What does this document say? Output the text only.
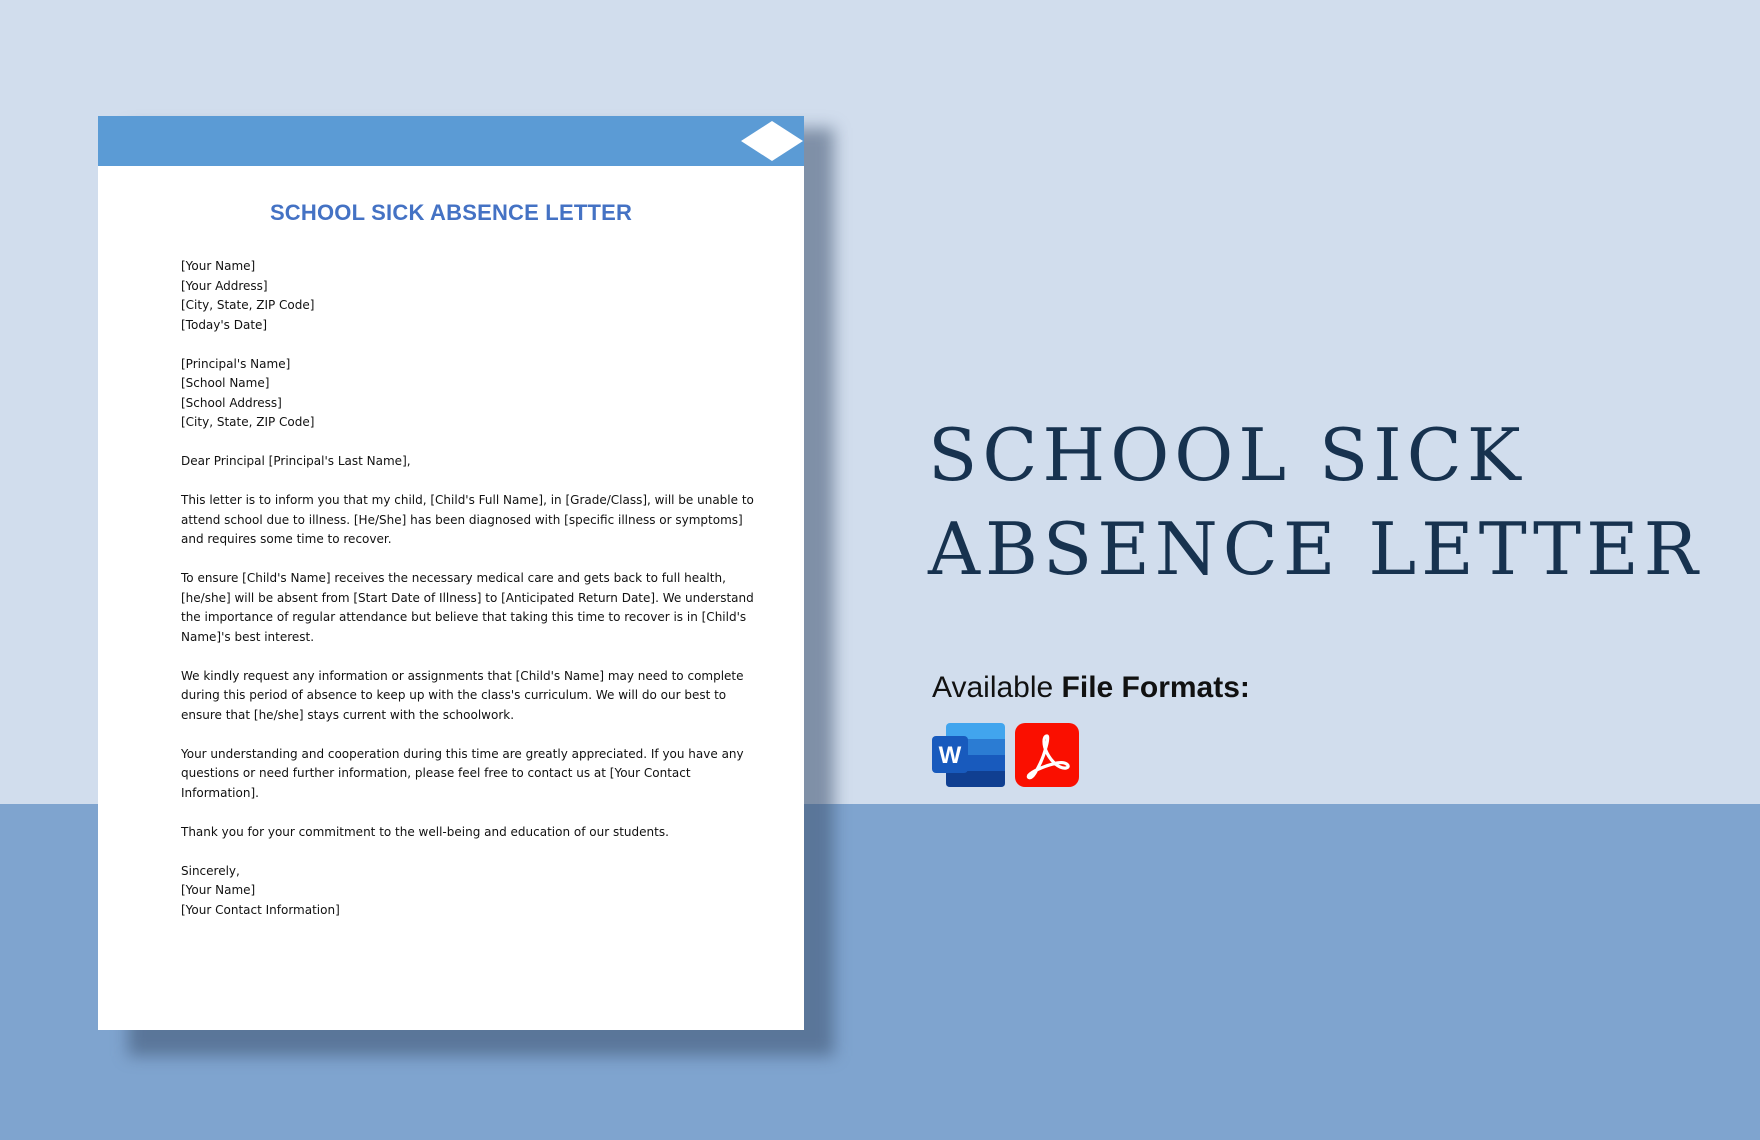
SCHOOL SICK ABSENCE LETTER
[Your Name]
[Your Address]
[City, State, ZIP Code]
[Today's Date]
[Principal's Name]
[School Name]
[School Address]
[City, State, ZIP Code]
Dear Principal [Principal's Last Name],
This letter is to inform you that my child, [Child's Full Name], in [Grade/Class], will be unable to
attend school due to illness. [He/She] has been diagnosed with [specific illness or symptoms]
and requires some time to recover.
To ensure [Child's Name] receives the necessary medical care and gets back to full health,
[he/she] will be absent from [Start Date of Illness] to [Anticipated Return Date]. We understand
the importance of regular attendance but believe that taking this time to recover is in [Child's
Name]'s best interest.
We kindly request any information or assignments that [Child's Name] may need to complete
during this period of absence to keep up with the class's curriculum. We will do our best to
ensure that [he/she] stays current with the schoolwork.
Your understanding and cooperation during this time are greatly appreciated. If you have any
questions or need further information, please feel free to contact us at [Your Contact
Information].
Thank you for your commitment to the well-being and education of our students.
Sincerely,
[Your Name]
[Your Contact Information]
SCHOOL SICK
ABSENCE LETTER
Available File Formats:
W
